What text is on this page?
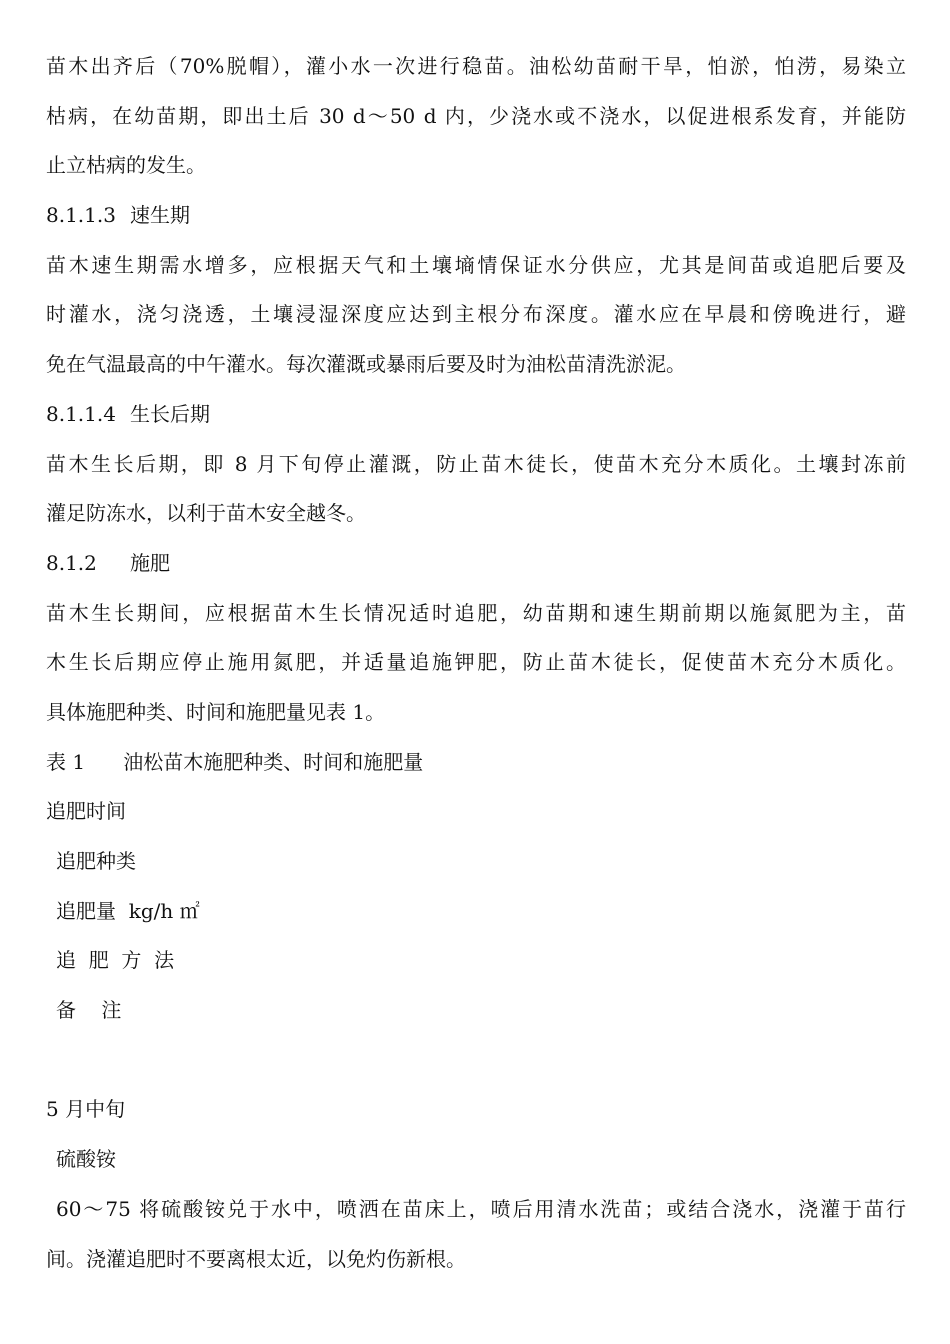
苗木出齐后（70%脱帽），灌小水一次进行稳苗。油松幼苗耐干旱，怕淤，怕涝，易染立
枯病，在幼苗期，即出土后 30 d～50 d 内，少浇水或不浇水，以促进根系发育，并能防
止立枯病的发生。
8.1.1.3 速生期
苗木速生期需水增多，应根据天气和土壤墒情保证水分供应，尤其是间苗或追肥后要及
时灌水，浇匀浇透，土壤浸湿深度应达到主根分布深度。灌水应在早晨和傍晚进行，避
免在气温最高的中午灌水。每次灌溉或暴雨后要及时为油松苗清洗淤泥。
8.1.1.4 生长后期
苗木生长后期，即 8 月下旬停止灌溉，防止苗木徒长，使苗木充分木质化。土壤封冻前
灌足防冻水，以利于苗木安全越冬。
8.1.2 施肥
苗木生长期间，应根据苗木生长情况适时追肥，幼苗期和速生期前期以施氮肥为主，苗
木生长后期应停止施用氮肥，并适量追施钾肥，防止苗木徒长，促使苗木充分木质化。
具体施肥种类、时间和施肥量见表 1。
表 1      油松苗木施肥种类、时间和施肥量
追肥时间
追肥种类
追肥量  kg/h ㎡
追  肥  方  法
备    注
5 月中旬
硫酸铵
60～75 将硫酸铵兑于水中，喷洒在苗床上，喷后用清水洗苗；或结合浇水，浇灌于苗行
间。浇灌追肥时不要离根太近，以免灼伤新根。
